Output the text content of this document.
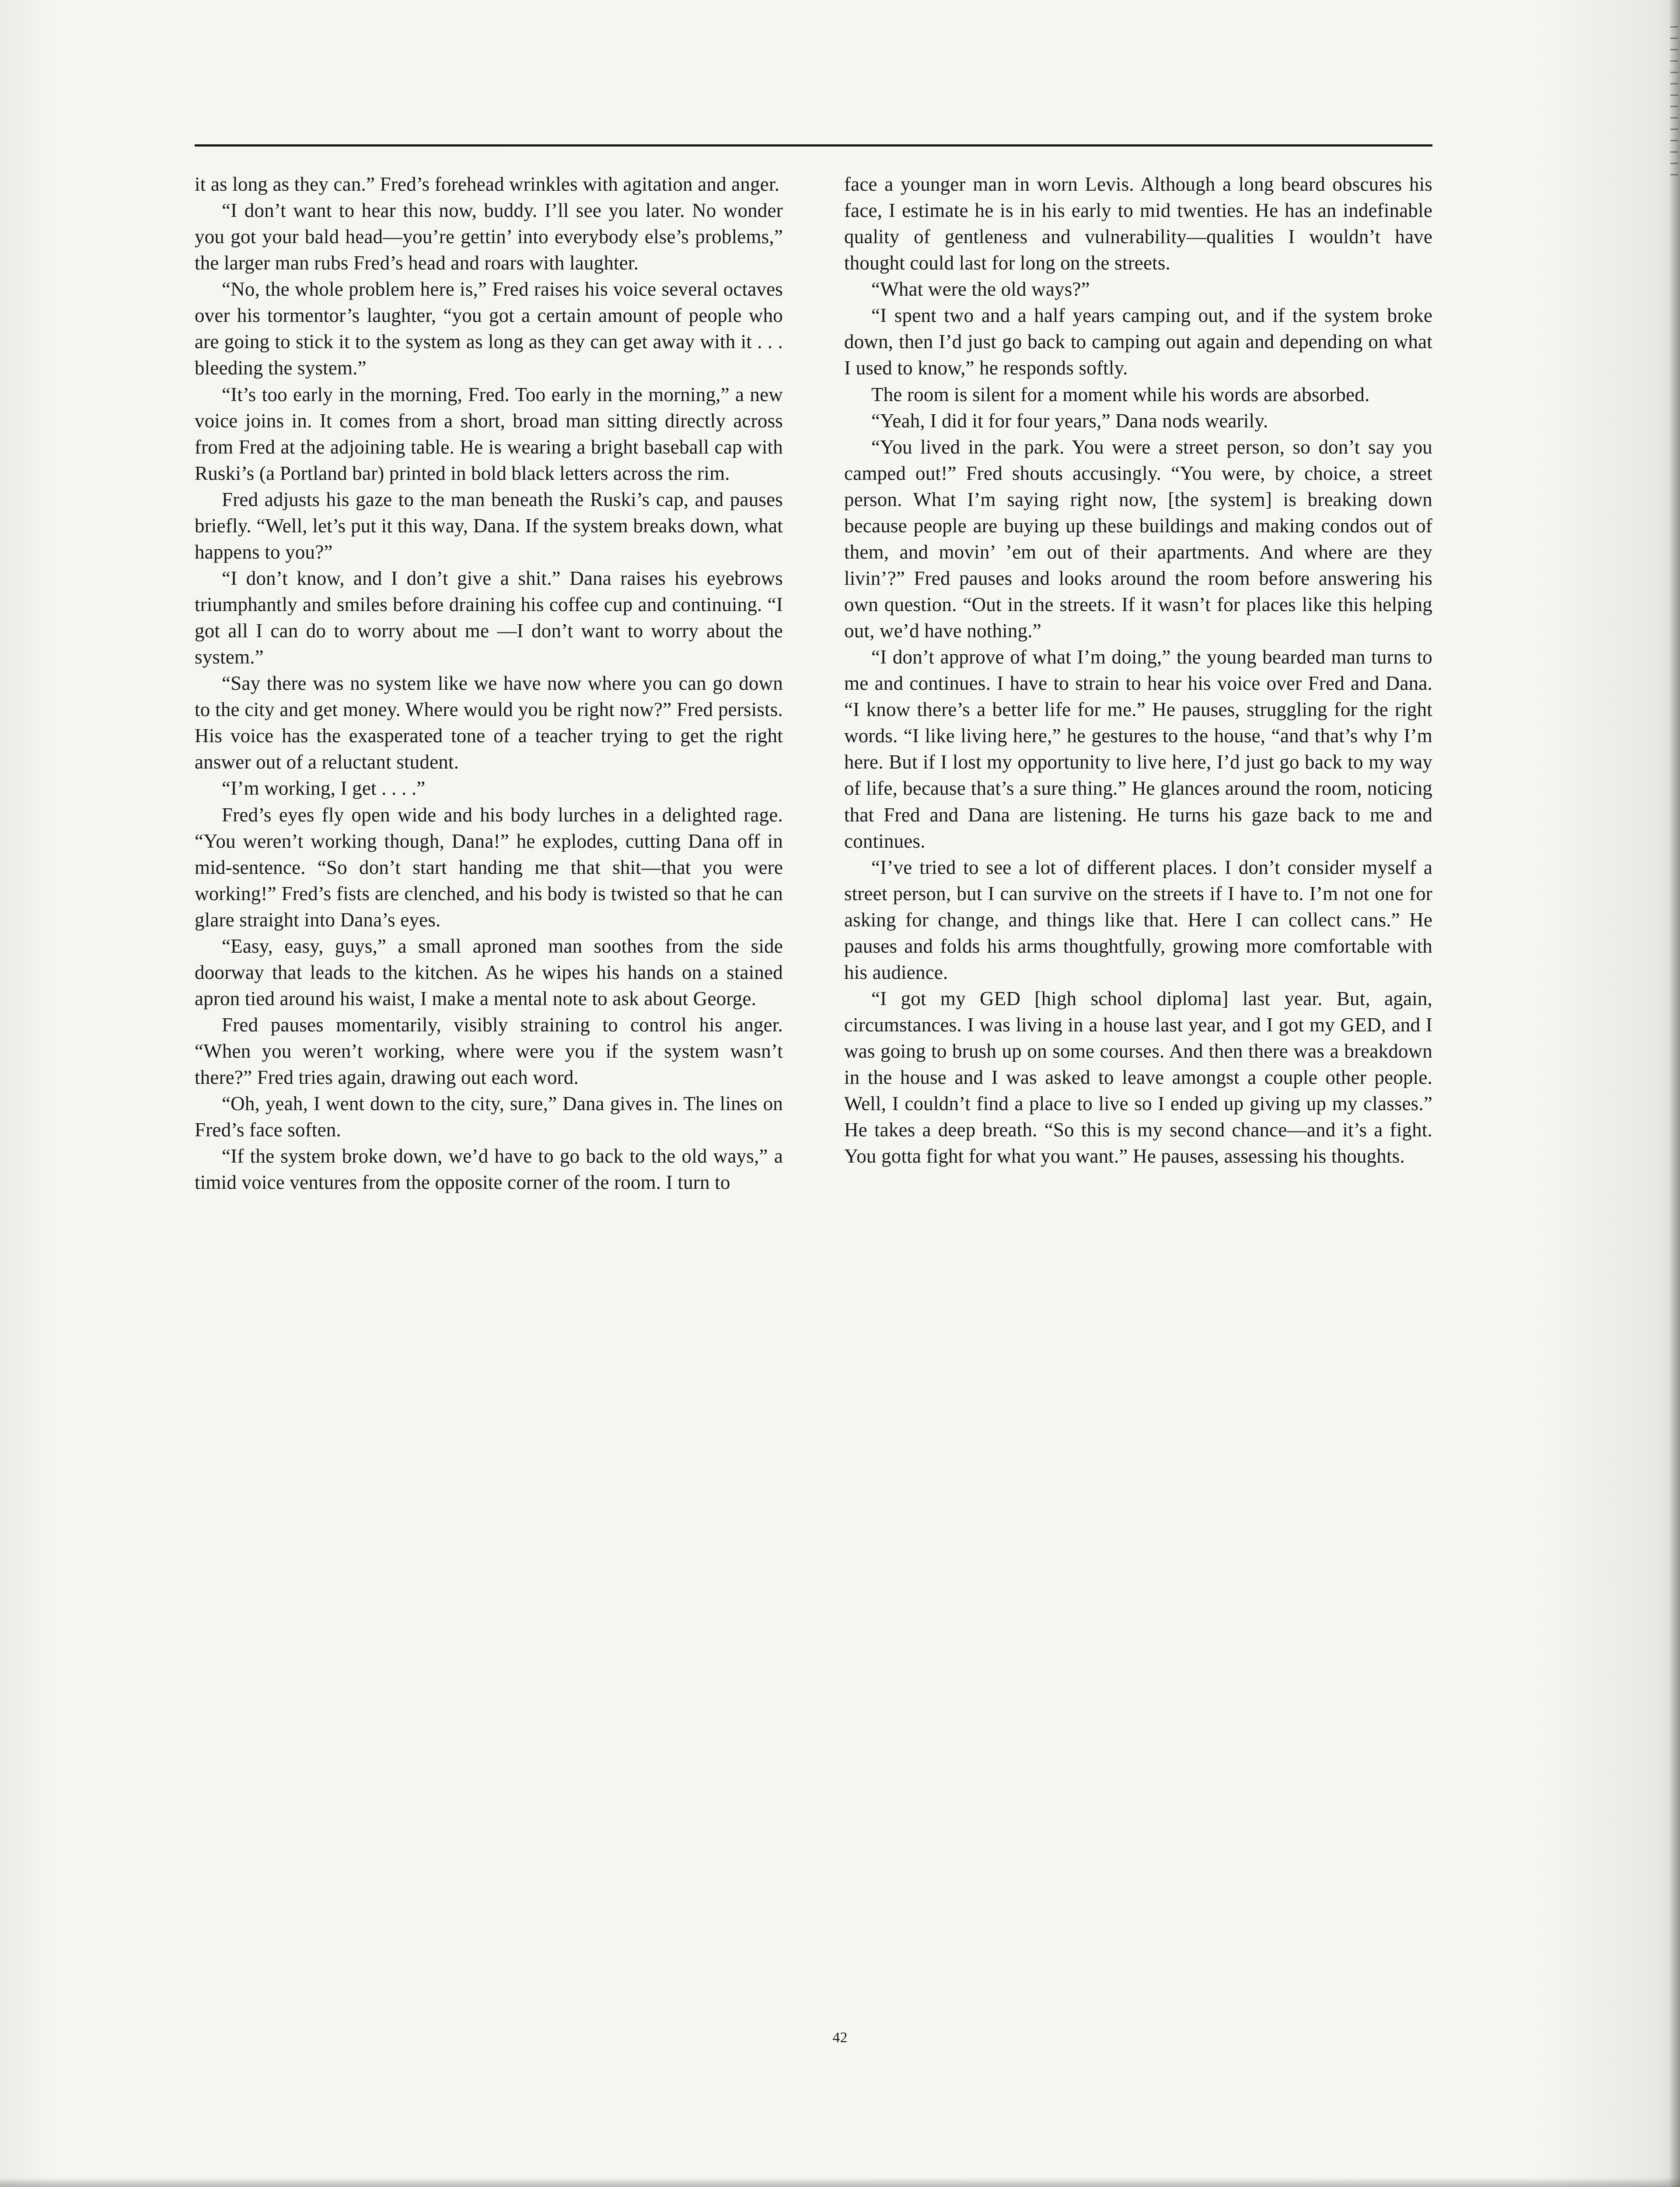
it as long as they can.” Fred’s forehead wrinkles with agitation and anger.

“I don’t want to hear this now, buddy. I’ll see you later. No wonder you got your bald head—you’re gettin’ into everybody else’s problems,” the larger man rubs Fred’s head and roars with laughter.

“No, the whole problem here is,” Fred raises his voice several octaves over his tormentor’s laughter, “you got a certain amount of people who are going to stick it to the system as long as they can get away with it . . . bleeding the system.”

“It’s too early in the morning, Fred. Too early in the morning,” a new voice joins in. It comes from a short, broad man sitting directly across from Fred at the adjoining table. He is wearing a bright baseball cap with Ruski’s (a Portland bar) printed in bold black letters across the rim.

Fred adjusts his gaze to the man beneath the Ruski’s cap, and pauses briefly. “Well, let’s put it this way, Dana. If the system breaks down, what happens to you?”

“I don’t know, and I don’t give a shit.” Dana raises his eyebrows triumphantly and smiles before draining his coffee cup and continuing. “I got all I can do to worry about me —I don’t want to worry about the system.”

“Say there was no system like we have now where you can go down to the city and get money. Where would you be right now?” Fred persists. His voice has the exasperated tone of a teacher trying to get the right answer out of a reluctant student.

“I’m working, I get . . . .”

Fred’s eyes fly open wide and his body lurches in a delighted rage. “You weren’t working though, Dana!” he explodes, cutting Dana off in mid-sentence. “So don’t start handing me that shit—that you were working!” Fred’s fists are clenched, and his body is twisted so that he can glare straight into Dana’s eyes.

“Easy, easy, guys,” a small aproned man soothes from the side doorway that leads to the kitchen. As he wipes his hands on a stained apron tied around his waist, I make a mental note to ask about George.

Fred pauses momentarily, visibly straining to control his anger. “When you weren’t working, where were you if the system wasn’t there?” Fred tries again, drawing out each word.

“Oh, yeah, I went down to the city, sure,” Dana gives in. The lines on Fred’s face soften.

“If the system broke down, we’d have to go back to the old ways,” a timid voice ventures from the opposite corner of the room. I turn to

face a younger man in worn Levis. Although a long beard obscures his face, I estimate he is in his early to mid twenties. He has an indefinable quality of gentleness and vulnerability—qualities I wouldn’t have thought could last for long on the streets.

“What were the old ways?”

“I spent two and a half years camping out, and if the system broke down, then I’d just go back to camping out again and depending on what I used to know,” he responds softly.

The room is silent for a moment while his words are absorbed.

“Yeah, I did it for four years,” Dana nods wearily.

“You lived in the park. You were a street person, so don’t say you camped out!” Fred shouts accusingly. “You were, by choice, a street person. What I’m saying right now, [the system] is breaking down because people are buying up these buildings and making condos out of them, and movin’ ’em out of their apartments. And where are they livin’?” Fred pauses and looks around the room before answering his own question. “Out in the streets. If it wasn’t for places like this helping out, we’d have nothing.”

“I don’t approve of what I’m doing,” the young bearded man turns to me and continues. I have to strain to hear his voice over Fred and Dana. “I know there’s a better life for me.” He pauses, struggling for the right words. “I like living here,” he gestures to the house, “and that’s why I’m here. But if I lost my opportunity to live here, I’d just go back to my way of life, because that’s a sure thing.” He glances around the room, noticing that Fred and Dana are listening. He turns his gaze back to me and continues.

“I’ve tried to see a lot of different places. I don’t consider myself a street person, but I can survive on the streets if I have to. I’m not one for asking for change, and things like that. Here I can collect cans.” He pauses and folds his arms thoughtfully, growing more comfortable with his audience.

“I got my GED [high school diploma] last year. But, again, circumstances. I was living in a house last year, and I got my GED, and I was going to brush up on some courses. And then there was a breakdown in the house and I was asked to leave amongst a couple other people. Well, I couldn’t find a place to live so I ended up giving up my classes.” He takes a deep breath. “So this is my second chance—and it’s a fight. You gotta fight for what you want.” He pauses, assessing his thoughts.

42
